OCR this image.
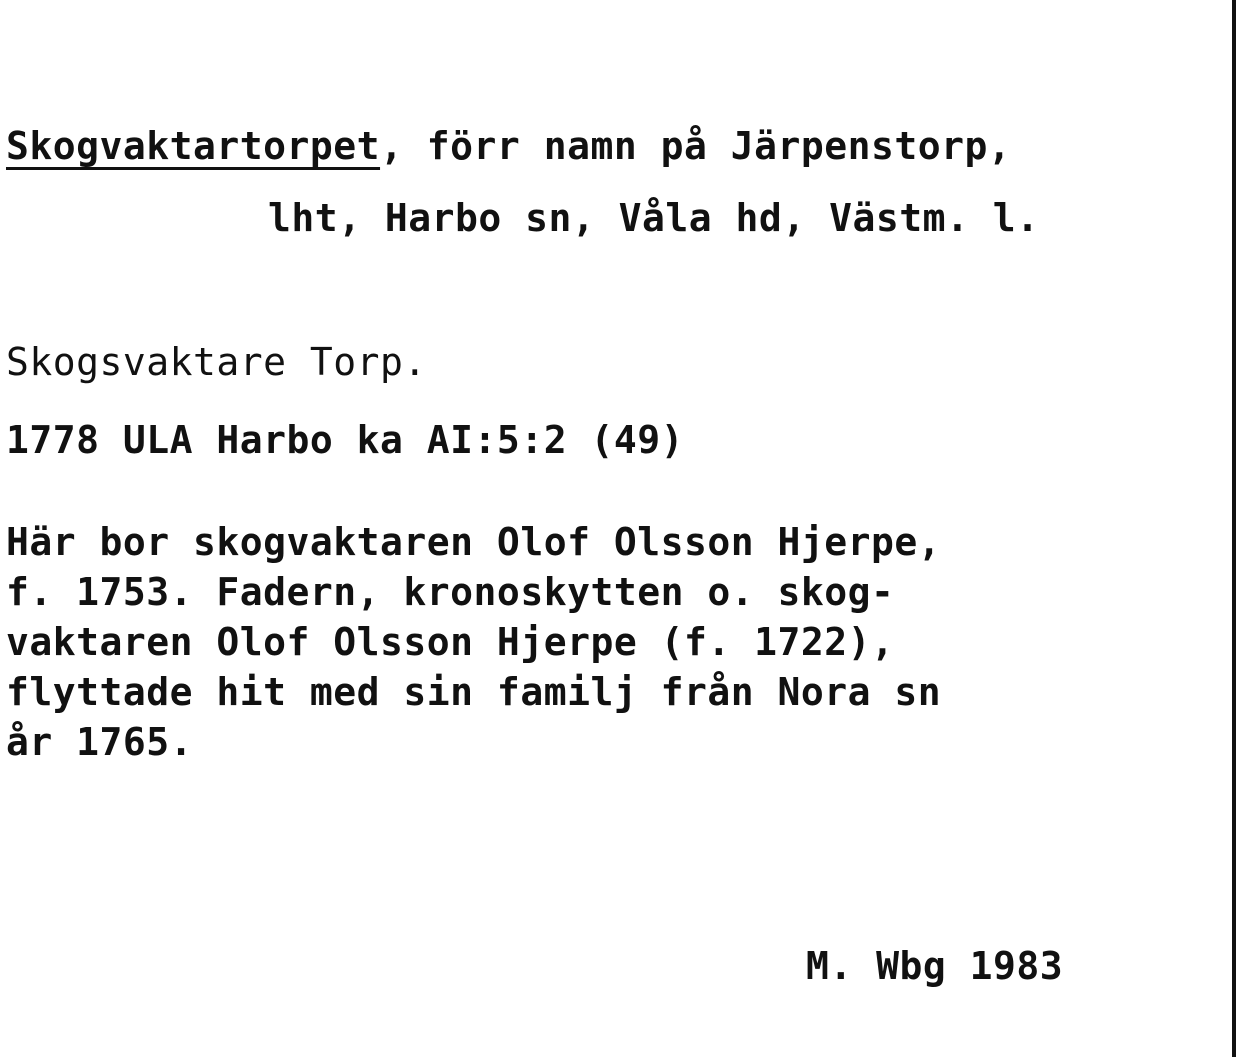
Skogvaktartorpet, förr namn på Järpenstorp,
lht, Harbo sn, Våla hd, Västm. l.
Skogsvaktare Torp.
1778 ULA Harbo ka AI:5:2 (49)
Här bor skogvaktaren Olof Olsson Hjerpe,
f. 1753. Fadern, kronoskytten o. skog-
vaktaren Olof Olsson Hjerpe (f. 1722),
flyttade hit med sin familj från Nora sn
år 1765.
M. Wbg 1983
